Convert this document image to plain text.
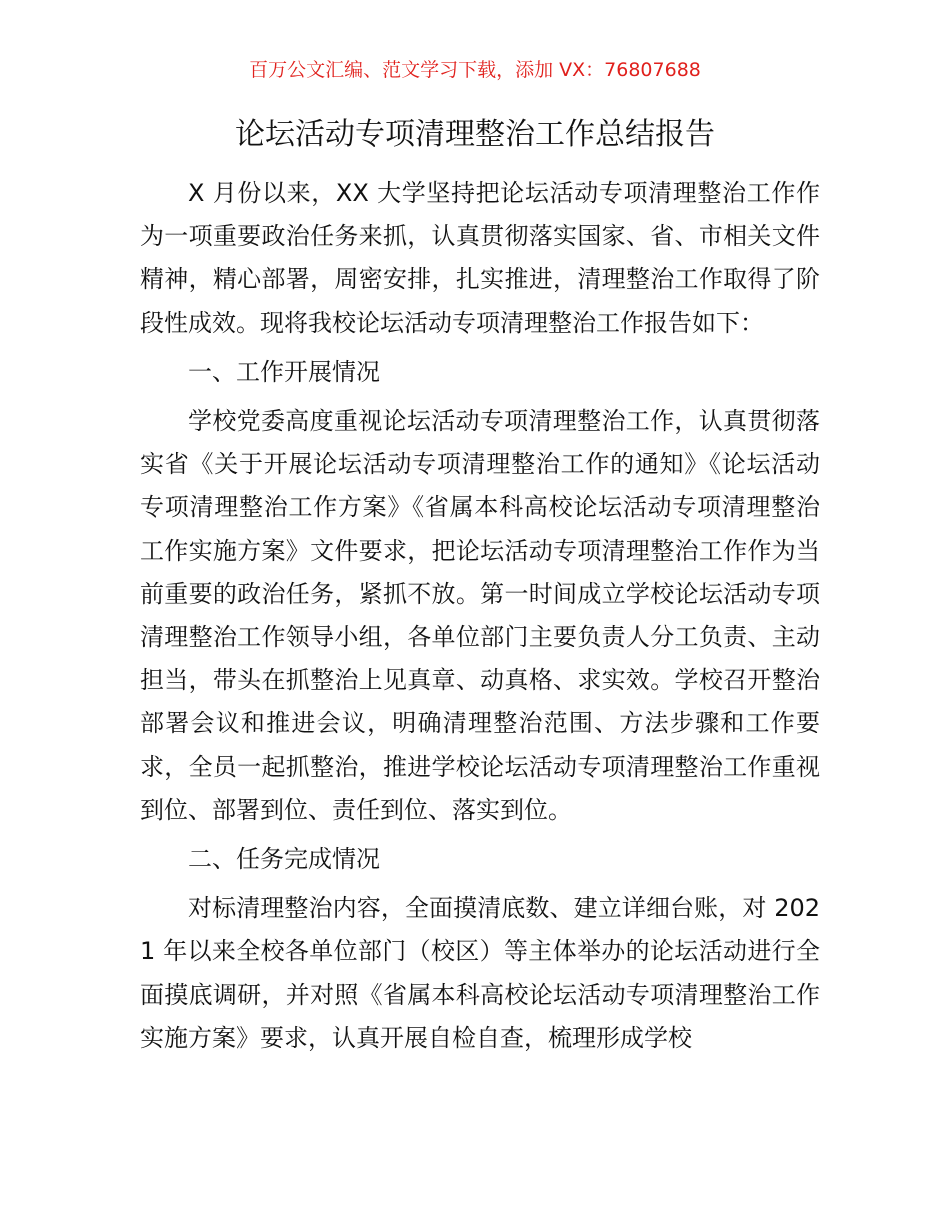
百万公文汇编、范文学习下载，添加 VX：76807688
论坛活动专项清理整治工作总结报告

X 月份以来，XX 大学坚持把论坛活动专项清理整治工作作为一项重要政治任务来抓，认真贯彻落实国家、省、市相关文件精神，精心部署，周密安排，扎实推进，清理整治工作取得了阶段性成效。现将我校论坛活动专项清理整治工作报告如下：

一、工作开展情况

学校党委高度重视论坛活动专项清理整治工作，认真贯彻落实省《关于开展论坛活动专项清理整治工作的通知》《论坛活动专项清理整治工作方案》《省属本科高校论坛活动专项清理整治工作实施方案》文件要求，把论坛活动专项清理整治工作作为当前重要的政治任务，紧抓不放。第一时间成立学校论坛活动专项清理整治工作领导小组，各单位部门主要负责人分工负责、主动担当，带头在抓整治上见真章、动真格、求实效。学校召开整治部署会议和推进会议，明确清理整治范围、方法步骤和工作要求，全员一起抓整治，推进学校论坛活动专项清理整治工作重视到位、部署到位、责任到位、落实到位。

二、任务完成情况

对标清理整治内容，全面摸清底数、建立详细台账，对 2021 年以来全校各单位部门（校区）等主体举办的论坛活动进行全面摸底调研，并对照《省属本科高校论坛活动专项清理整治工作实施方案》要求，认真开展自检自查，梳理形成学校
